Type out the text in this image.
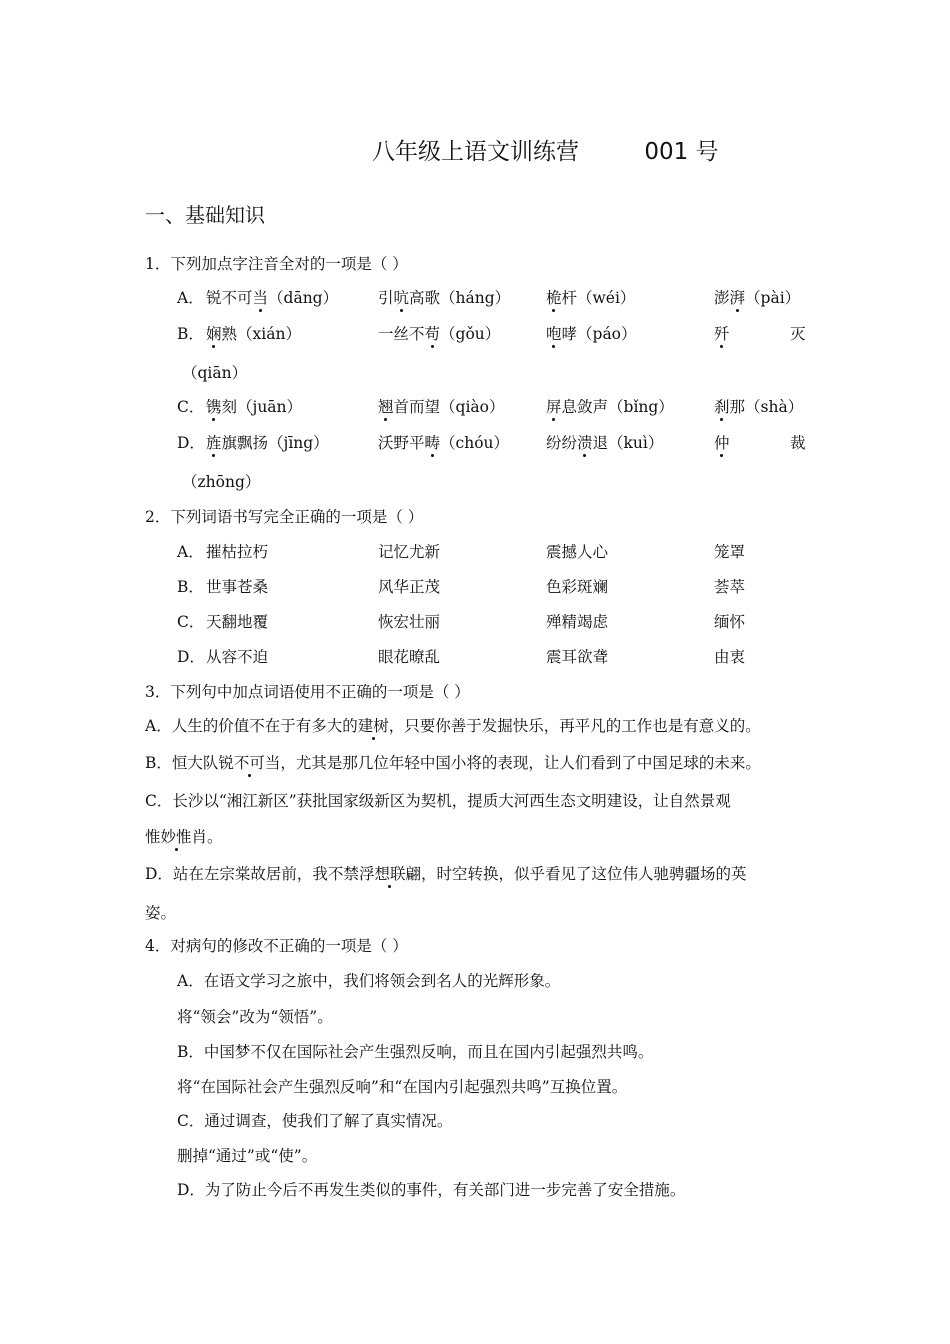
八年级上语文训练营	001 号
一、基础知识
1．下列加点字注音全对的一项是（ ）
A． 锐不可当（dāng）	引吭高歌（háng） 桅杆（wéi）	澎湃（pài）
B． 娴熟（xián）	一丝不苟（gǒu）	咆哮（páo）	歼	灭
（qiān）
C． 镌刻（juān）	翘首而望（qiào）	屏息敛声（bǐng）	刹那（shà）
D． 旌旗飘扬（jīng）	沃野平畴（chóu） 纷纷溃退（kuì）	仲	裁
（zhōng）
2．下列词语书写完全正确的一项是（ ）
A． 摧枯拉朽	记忆尤新	震撼人心	笼罩
B． 世事苍桑	风华正茂	色彩斑斓	荟萃
C． 天翻地覆	恢宏壮丽	殚精竭虑	缅怀
D． 从容不迫	眼花暸乱	震耳欲聋	由衷
3．下列句中加点词语使用不正确的一项是（ ）
A．人生的价值不在于有多大的建树，只要你善于发掘快乐，再平凡的工作也是有意义的。
B．恒大队锐不可当，尤其是那几位年轻中国小将的表现，让人们看到了中国足球的未来。
C．长沙以“湘江新区”获批国家级新区为契机，提质大河西生态文明建设，让自然景观
惟妙惟肖。
D．站在左宗棠故居前，我不禁浮想联翩，时空转换，似乎看见了这位伟人驰骋疆场的英
姿。
4．对病句的修改不正确的一项是（ ）
A．在语文学习之旅中，我们将领会到名人的光辉形象。
将“领会”改为“领悟”。
B．中国梦不仅在国际社会产生强烈反响，而且在国内引起强烈共鸣。
将“在国际社会产生强烈反响”和“在国内引起强烈共鸣”互换位置。
C．通过调查，使我们了解了真实情况。
删掉“通过”或“使”。
D．为了防止今后不再发生类似的事件，有关部门进一步完善了安全措施。
